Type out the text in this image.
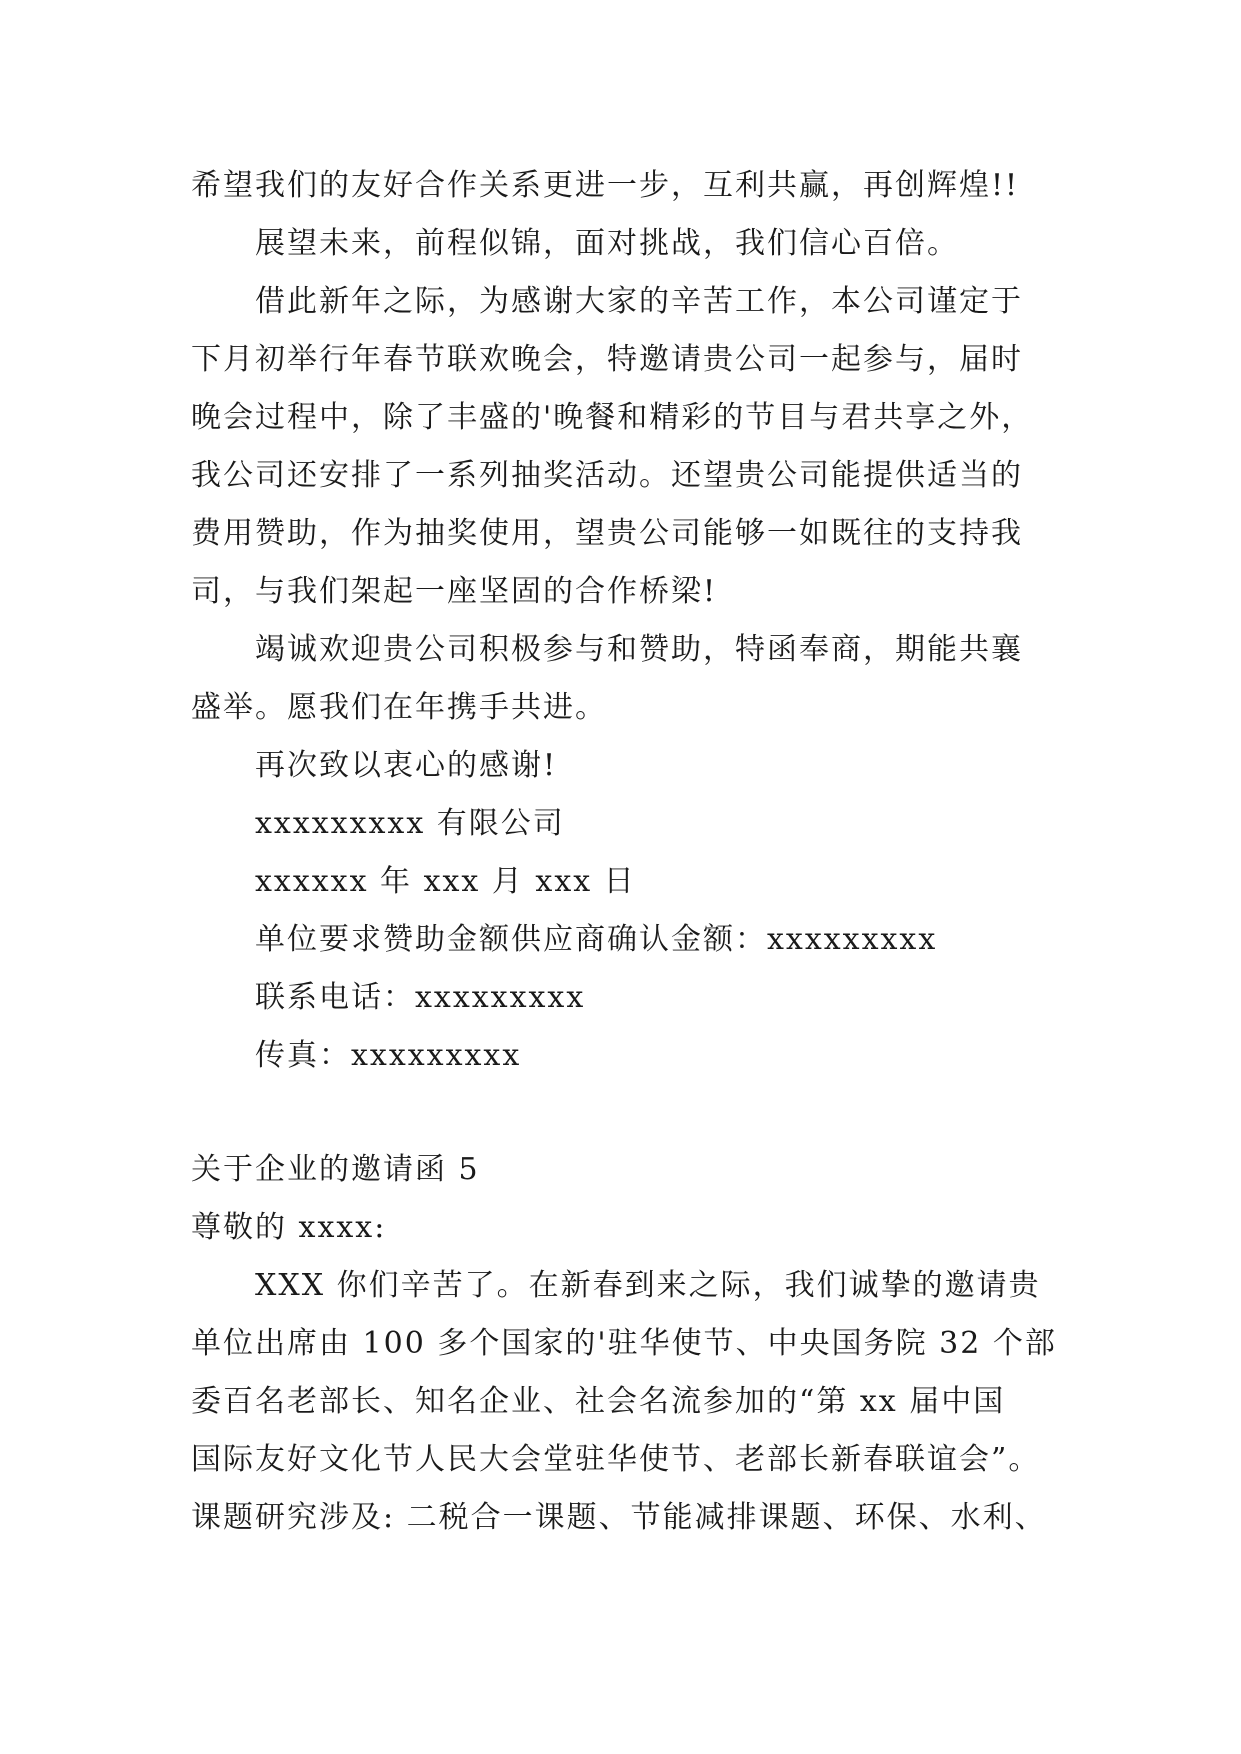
希望我们的友好合作关系更进一步，互利共赢，再创辉煌!!
展望未来，前程似锦，面对挑战，我们信心百倍。
借此新年之际，为感谢大家的辛苦工作，本公司谨定于
下月初举行年春节联欢晚会，特邀请贵公司一起参与，届时
晚会过程中，除了丰盛的'晚餐和精彩的节目与君共享之外，
我公司还安排了一系列抽奖活动。还望贵公司能提供适当的
费用赞助，作为抽奖使用，望贵公司能够一如既往的支持我
司，与我们架起一座坚固的合作桥梁!
竭诚欢迎贵公司积极参与和赞助，特函奉商，期能共襄
盛举。愿我们在年携手共进。
再次致以衷心的感谢!
xxxxxxxxx 有限公司
xxxxxx 年 xxx 月 xxx 日
单位要求赞助金额供应商确认金额：xxxxxxxxx
联系电话：xxxxxxxxx
传真：xxxxxxxxx
关于企业的邀请函 5
尊敬的 xxxx:
XXX 你们辛苦了。在新春到来之际，我们诚挚的邀请贵
单位出席由 100 多个国家的'驻华使节、中央国务院 32 个部
委百名老部长、知名企业、社会名流参加的“第 xx 届中国
国际友好文化节人民大会堂驻华使节、老部长新春联谊会”。
课题研究涉及: 二税合一课题、节能减排课题、环保、水利、
